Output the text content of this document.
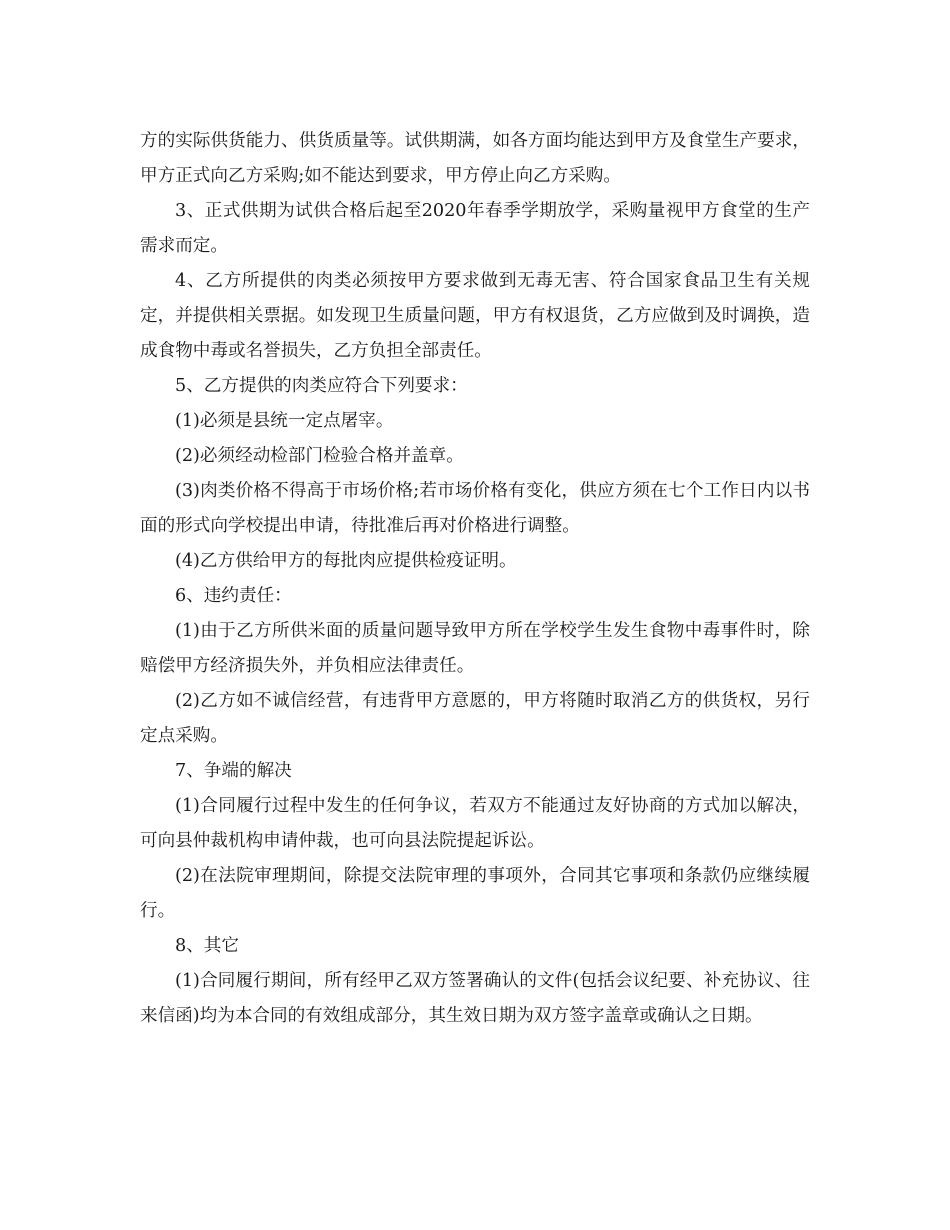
方的实际供货能力、供货质量等。试供期满，如各方面均能达到甲方及食堂生产要求，甲方正式向乙方采购;如不能达到要求，甲方停止向乙方采购。

3、正式供期为试供合格后起至2020年春季学期放学，采购量视甲方食堂的生产需求而定。

4、乙方所提供的肉类必须按甲方要求做到无毒无害、符合国家食品卫生有关规定，并提供相关票据。如发现卫生质量问题，甲方有权退货，乙方应做到及时调换，造成食物中毒或名誉损失，乙方负担全部责任。

5、乙方提供的肉类应符合下列要求：

(1)必须是县统一定点屠宰。

(2)必须经动检部门检验合格并盖章。

(3)肉类价格不得高于市场价格;若市场价格有变化，供应方须在七个工作日内以书面的形式向学校提出申请，待批准后再对价格进行调整。

(4)乙方供给甲方的每批肉应提供检疫证明。

6、违约责任：

(1)由于乙方所供米面的质量问题导致甲方所在学校学生发生食物中毒事件时，除赔偿甲方经济损失外，并负相应法律责任。

(2)乙方如不诚信经营，有违背甲方意愿的，甲方将随时取消乙方的供货权，另行定点采购。

7、争端的解决

(1)合同履行过程中发生的任何争议，若双方不能通过友好协商的方式加以解决，可向县仲裁机构申请仲裁，也可向县法院提起诉讼。

(2)在法院审理期间，除提交法院审理的事项外，合同其它事项和条款仍应继续履行。

8、其它

(1)合同履行期间，所有经甲乙双方签署确认的文件(包括会议纪要、补充协议、往来信函)均为本合同的有效组成部分，其生效日期为双方签字盖章或确认之日期。
